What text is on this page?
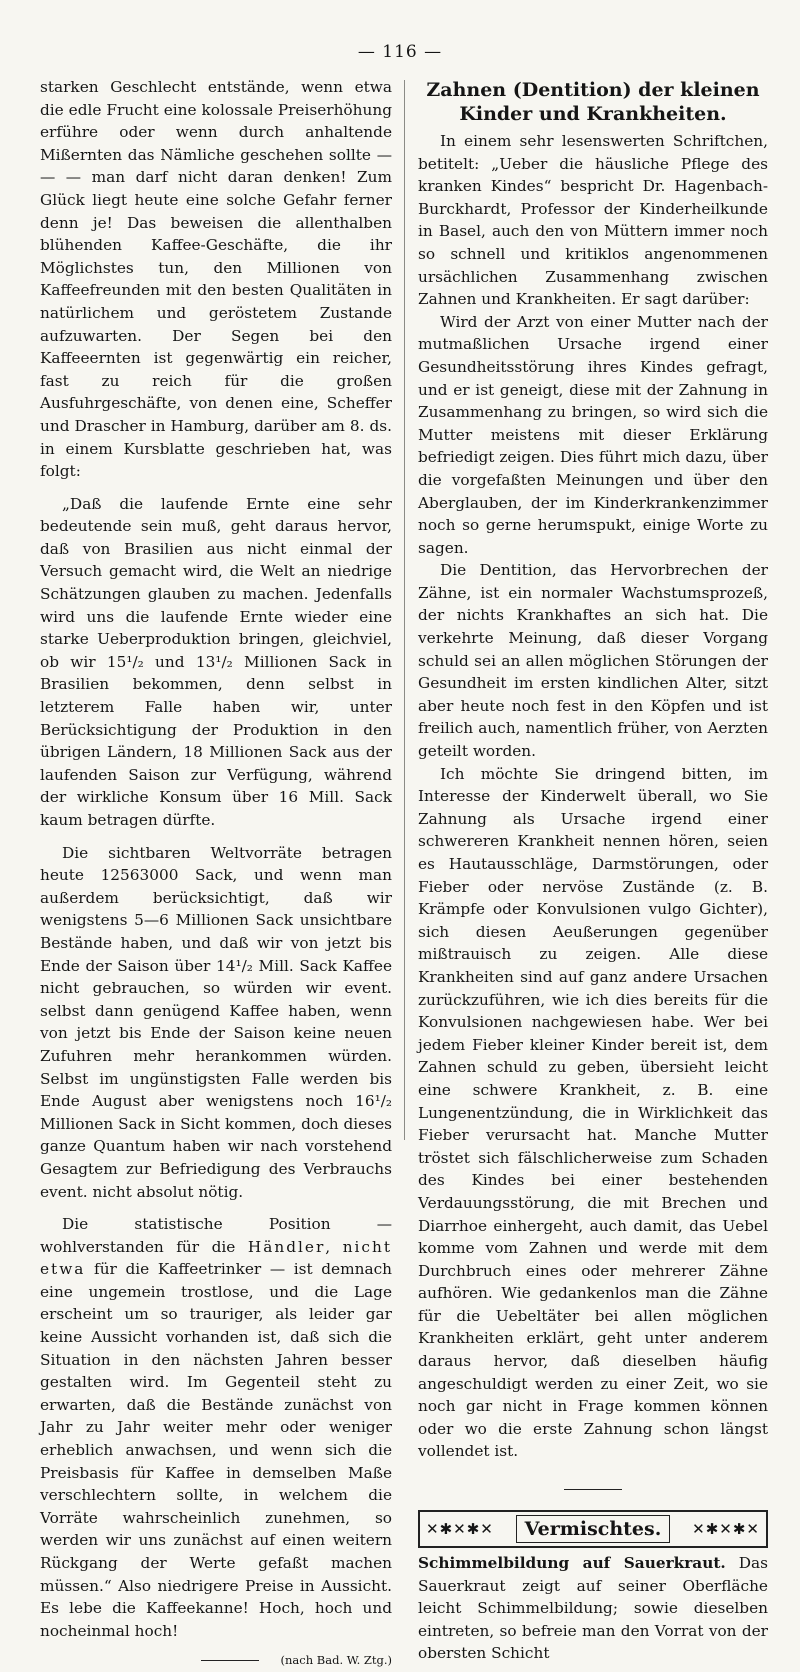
— 116 —

starken Geschlecht entstände, wenn etwa die edle Frucht eine kolossale Preiserhöhung erführe oder wenn durch anhaltende Mißernten das Nämliche geschehen sollte — — — man darf nicht daran denken! Zum Glück liegt heute eine solche Gefahr ferner denn je! Das beweisen die allenthalben blühenden Kaffee-Geschäfte, die ihr Möglichstes tun, den Millionen von Kaffeefreunden mit den besten Qualitäten in natürlichem und geröstetem Zustande aufzuwarten. Der Segen bei den Kaffeeernten ist gegenwärtig ein reicher, fast zu reich für die großen Ausfuhrgeschäfte, von denen eine, Scheffer und Drascher in Hamburg, darüber am 8. ds. in einem Kursblatte geschrieben hat, was folgt:

„Daß die laufende Ernte eine sehr bedeutende sein muß, geht daraus hervor, daß von Brasilien aus nicht einmal der Versuch gemacht wird, die Welt an niedrige Schätzungen glauben zu machen. Jedenfalls wird uns die laufende Ernte wieder eine starke Ueberproduktion bringen, gleichviel, ob wir 15¹/₂ und 13¹/₂ Millionen Sack in Brasilien bekommen, denn selbst in letzterem Falle haben wir, unter Berücksichtigung der Produktion in den übrigen Ländern, 18 Millionen Sack aus der laufenden Saison zur Verfügung, während der wirkliche Konsum über 16 Mill. Sack kaum betragen dürfte.

Die sichtbaren Weltvorräte betragen heute 12563000 Sack, und wenn man außerdem berücksichtigt, daß wir wenigstens 5—6 Millionen Sack unsichtbare Bestände haben, und daß wir von jetzt bis Ende der Saison über 14¹/₂ Mill. Sack Kaffee nicht gebrauchen, so würden wir event. selbst dann genügend Kaffee haben, wenn von jetzt bis Ende der Saison keine neuen Zufuhren mehr herankommen würden. Selbst im ungünstigsten Falle werden bis Ende August aber wenigstens noch 16¹/₂ Millionen Sack in Sicht kommen, doch dieses ganze Quantum haben wir nach vorstehend Gesagtem zur Befriedigung des Verbrauchs event. nicht absolut nötig.

Die statistische Position — wohlverstanden für die Händler, nicht etwa für die Kaffeetrinker — ist demnach eine ungemein trostlose, und die Lage erscheint um so trauriger, als leider gar keine Aussicht vorhanden ist, daß sich die Situation in den nächsten Jahren besser gestalten wird. Im Gegenteil steht zu erwarten, daß die Bestände zunächst von Jahr zu Jahr weiter mehr oder weniger erheblich anwachsen, und wenn sich die Preisbasis für Kaffee in demselben Maße verschlechtern sollte, in welchem die Vorräte wahrscheinlich zunehmen, so werden wir uns zunächst auf einen weitern Rückgang der Werte gefaßt machen müssen.“ Also niedrigere Preise in Aussicht. Es lebe die Kaffeekanne! Hoch, hoch und nocheinmal hoch!

(nach Bad. W. Ztg.)

Zahnen (Dentition) der kleinen Kinder und Krankheiten.

In einem sehr lesenswerten Schriftchen, betitelt: „Ueber die häusliche Pflege des kranken Kindes“ bespricht Dr. Hagenbach-Burckhardt, Professor der Kinderheilkunde in Basel, auch den von Müttern immer noch so schnell und kritiklos angenommenen ursächlichen Zusammenhang zwischen Zahnen und Krankheiten. Er sagt darüber:

Wird der Arzt von einer Mutter nach der mutmaßlichen Ursache irgend einer Gesundheitsstörung ihres Kindes gefragt, und er ist geneigt, diese mit der Zahnung in Zusammenhang zu bringen, so wird sich die Mutter meistens mit dieser Erklärung befriedigt zeigen. Dies führt mich dazu, über die vorgefaßten Meinungen und über den Aberglauben, der im Kinderkrankenzimmer noch so gerne herumspukt, einige Worte zu sagen.

Die Dentition, das Hervorbrechen der Zähne, ist ein normaler Wachstumsprozeß, der nichts Krankhaftes an sich hat. Die verkehrte Meinung, daß dieser Vorgang schuld sei an allen möglichen Störungen der Gesundheit im ersten kindlichen Alter, sitzt aber heute noch fest in den Köpfen und ist freilich auch, namentlich früher, von Aerzten geteilt worden.

Ich möchte Sie dringend bitten, im Interesse der Kinderwelt überall, wo Sie Zahnung als Ursache irgend einer schwereren Krankheit nennen hören, seien es Hautausschläge, Darmstörungen, oder Fieber oder nervöse Zustände (z. B. Krämpfe oder Konvulsionen vulgo Gichter), sich diesen Aeußerungen gegenüber mißtrauisch zu zeigen. Alle diese Krankheiten sind auf ganz andere Ursachen zurückzuführen, wie ich dies bereits für die Konvulsionen nachgewiesen habe. Wer bei jedem Fieber kleiner Kinder bereit ist, dem Zahnen schuld zu geben, übersieht leicht eine schwere Krankheit, z. B. eine Lungenentzündung, die in Wirklichkeit das Fieber verursacht hat. Manche Mutter tröstet sich fälschlicherweise zum Schaden des Kindes bei einer bestehenden Verdauungsstörung, die mit Brechen und Diarrhoe einhergeht, auch damit, das Uebel komme vom Zahnen und werde mit dem Durchbruch eines oder mehrerer Zähne aufhören. Wie gedankenlos man die Zähne für die Uebeltäter bei allen möglichen Krankheiten erklärt, geht unter anderem daraus hervor, daß dieselben häufig angeschuldigt werden zu einer Zeit, wo sie noch gar nicht in Frage kommen können oder wo die erste Zahnung schon längst vollendet ist.

✕✱✕✱✕	Vermischtes.	✕✱✕✱✕

Schimmelbildung auf Sauerkraut. Das Sauerkraut zeigt auf seiner Oberfläche leicht Schimmelbildung; sowie dieselben eintreten, so befreie man den Vorrat von der obersten Schicht
